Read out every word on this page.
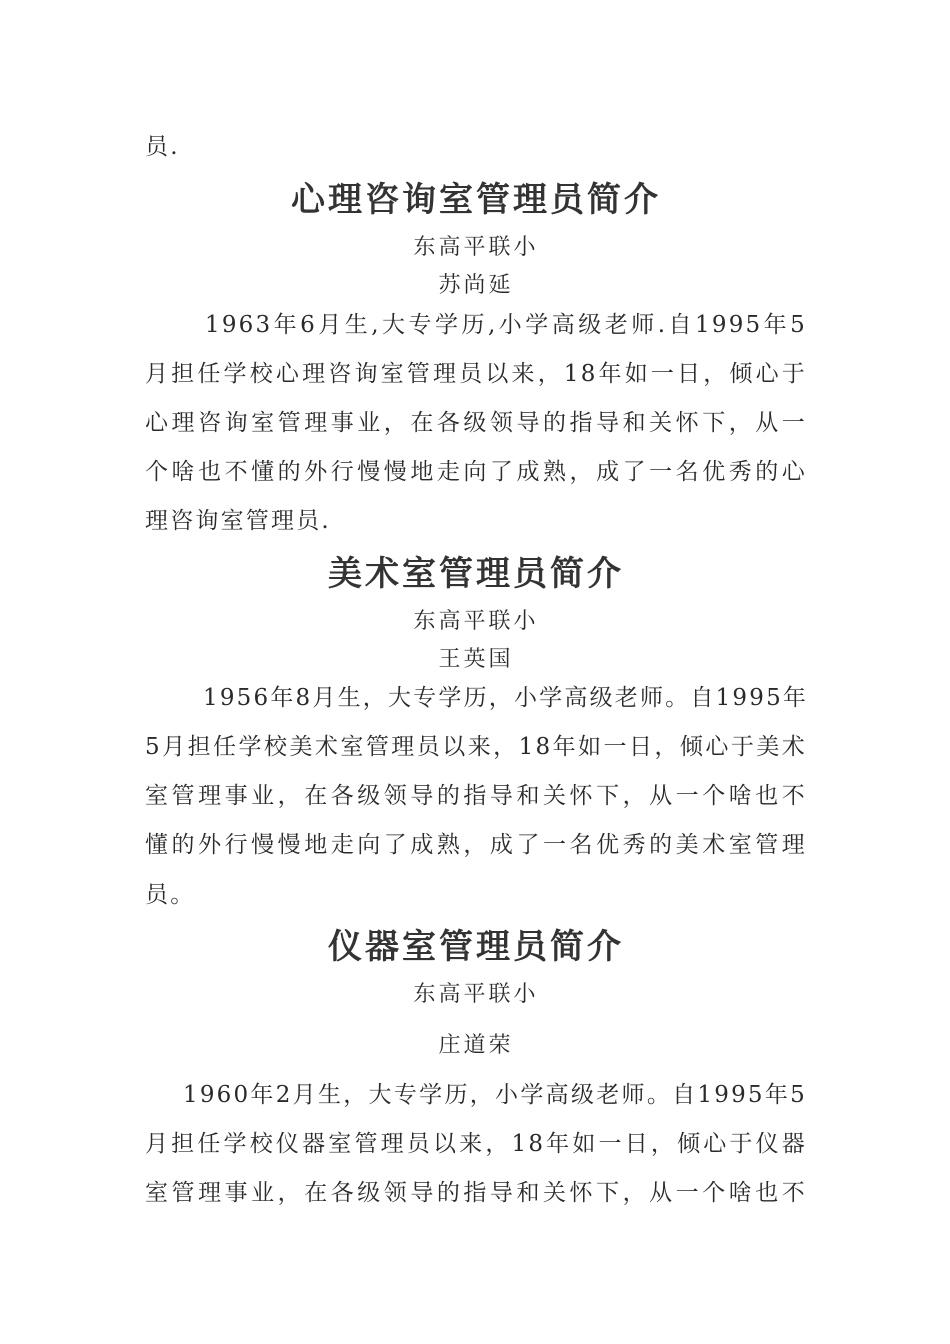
员.
心理咨询室管理员简介
东高平联小
苏尚延
1963年6月生,大专学历,小学高级老师.自1995年5
月担任学校心理咨询室管理员以来，18年如一日，倾心于
心理咨询室管理事业，在各级领导的指导和关怀下，从一
个啥也不懂的外行慢慢地走向了成熟，成了一名优秀的心
理咨询室管理员.
美术室管理员简介
东高平联小
王英国
1956年8月生，大专学历，小学高级老师。自1995年
5月担任学校美术室管理员以来，18年如一日，倾心于美术
室管理事业，在各级领导的指导和关怀下，从一个啥也不
懂的外行慢慢地走向了成熟，成了一名优秀的美术室管理
员。
仪器室管理员简介
东高平联小
庄道荣
1960年2月生，大专学历，小学高级老师。自1995年5
月担任学校仪器室管理员以来，18年如一日，倾心于仪器
室管理事业，在各级领导的指导和关怀下，从一个啥也不
